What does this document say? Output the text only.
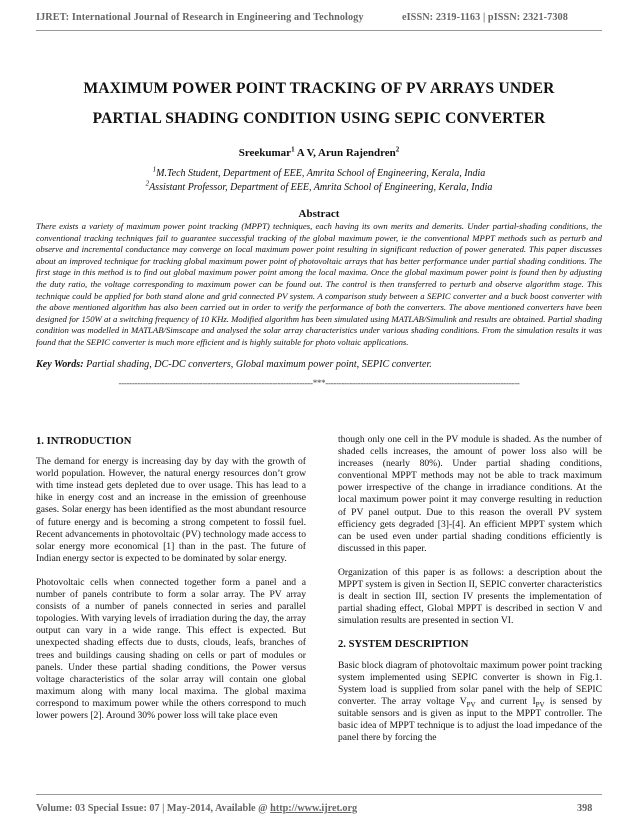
IJRET: International Journal of Research in Engineering and Technology	eISSN: 2319-1163 | pISSN: 2321-7308
MAXIMUM POWER POINT TRACKING OF PV ARRAYS UNDER
PARTIAL SHADING CONDITION USING SEPIC CONVERTER
Sreekumar$^1$ A V, Arun Rajendren$^2$
$^1$M.Tech Student, Department of EEE, Amrita School of Engineering, Kerala, India
$^2$Assistant Professor, Department of EEE, Amrita School of Engineering, Kerala, India
Abstract
There exists a variety of maximum power point tracking (MPPT) techniques, each having its own merits and demerits. Under partial-shading conditions, the conventional tracking techniques fail to guarantee successful tracking of the global maximum power, ie the conventional MPPT methods such as perturb and observe and incremental conductance may converge on local maximum power point resulting in significant reduction of power generated. This paper discusses about an improved technique for tracking global maximum power point of photovoltaic arrays that has better performance under partial shading conditions. The first stage in this method is to find out global maximum power point among the local maxima. Once the global maximum power point is found then by adjusting the duty ratio, the voltage corresponding to maximum power can be found out. The control is then transferred to perturb and observe algorithm stage. This technique could be applied for both stand alone and grid connected PV system. A comparison study between a SEPIC converter and a buck boost converter with the above mentioned algorithm has also been carried out in order to verify the performance of both the converters. The above mentioned converters have been designed for 150W at a switching frequency of 10 KHz. Modified algorithm has been simulated using MATLAB/Simulink and results are obtained. Partial shading condition was modelled in MATLAB/Simscape and analysed the solar array characteristics under various shading conditions. From the simulation results it was found that the SEPIC converter is much more efficient and is highly suitable for photo voltaic applications.
Key Words: Partial shading, DC-DC converters, Global maximum power point, SEPIC converter.
------------------------------------------------------------------------***------------------------------------------------------------------------
1. INTRODUCTION

The demand for energy is increasing day by day with the growth of world population. However, the natural energy resources don’t grow with time instead gets depleted due to over usage. This has lead to a hike in energy cost and an increase in the emission of greenhouse gases. Solar energy has been identified as the most abundant resource of future energy and is becoming a strong competent to fossil fuel. Recent advancements in photovoltaic (PV) technology made access to solar energy more economical [1] than in the past. The future of Indian energy sector is expected to be dominated by solar energy.

Photovoltaic cells when connected together form a panel and a number of panels contribute to form a solar array. The PV array consists of a number of panels connected in series and parallel topologies. With varying levels of irradiation during the day, the array output can vary in a wide range. This effect is expected. But unexpected shading effects due to dusts, clouds, leafs, branches of trees and buildings causing shading on cells or part of modules or panels. Under these partial shading conditions, the Power versus voltage characteristics of the solar array will contain one global maximum along with many local maxima. The global maxima correspond to maximum power while the others correspond to much lower powers [2]. Around 30% power loss will take place even

though only one cell in the PV module is shaded. As the number of shaded cells increases, the amount of power loss also will be increases (nearly 80%). Under partial shading conditions, conventional MPPT methods may not be able to track maximum power irrespective of the change in irradiance conditions. At the local maximum power point it may converge resulting in reduction of PV panel output. Due to this reason the overall PV system efficiency gets degraded [3]-[4]. An efficient MPPT system which can be used even under partial shading conditions efficiently is discussed in this paper.

Organization of this paper is as follows: a description about the MPPT system is given in Section II, SEPIC converter characteristics is dealt in section III, section IV presents the implementation of partial shading effect, Global MPPT is described in section V and simulation results are presented in section VI.

2. SYSTEM DESCRIPTION

Basic block diagram of photovoltaic maximum power point tracking system implemented using SEPIC converter is shown in Fig.1. System load is supplied from solar panel with the help of SEPIC converter. The array voltage $V_{PV}$ and current $I_{PV}$ is sensed by suitable sensors and is given as input to the MPPT controller. The basic idea of MPPT technique is to adjust the load impedance of the panel there by forcing the

Volume: 03 Special Issue: 07 | May-2014, Available @ http://www.ijret.org	398
